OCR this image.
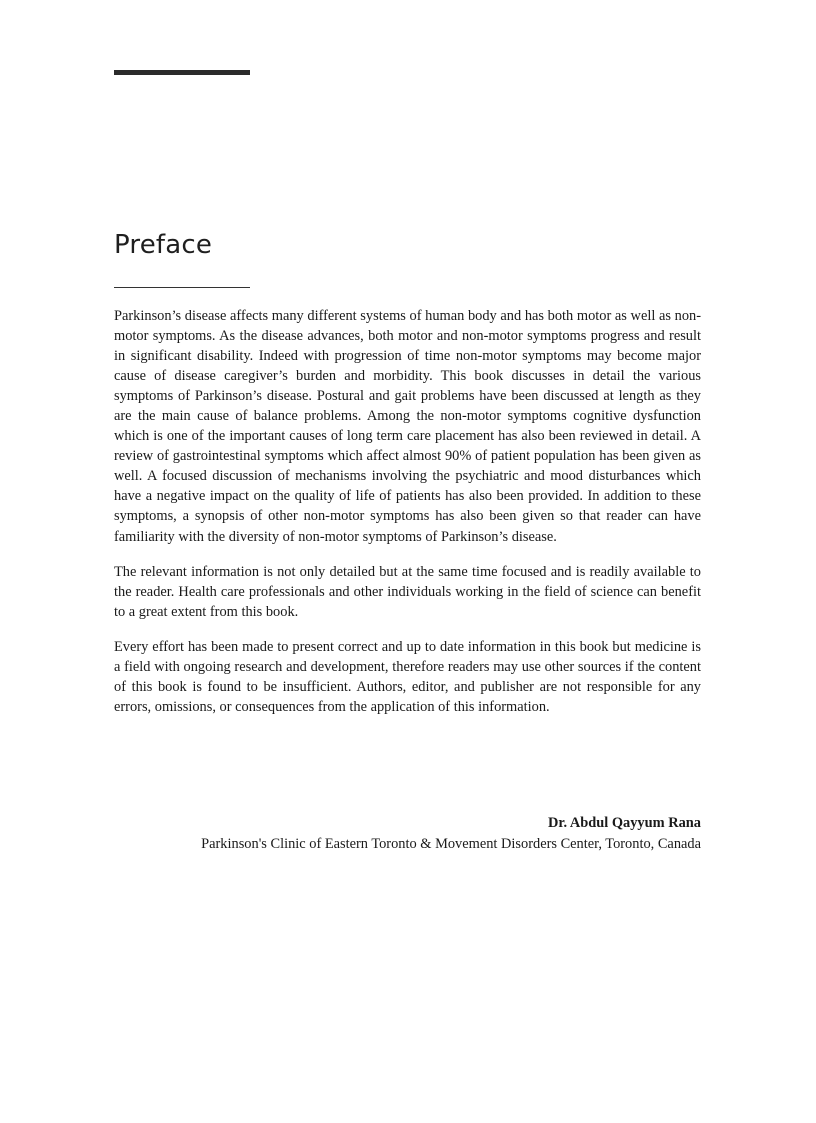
Preface

Parkinson’s disease affects many different systems of human body and has both motor as well as non-motor symptoms. As the disease advances, both motor and non-motor symptoms progress and result in significant disability. Indeed with progression of time non-motor symptoms may become major cause of disease caregiver’s burden and morbidity. This book discusses in detail the various symptoms of Parkinson’s disease. Postural and gait problems have been discussed at length as they are the main cause of balance problems. Among the non-motor symptoms cognitive dysfunction which is one of the important causes of long term care placement has also been reviewed in detail. A review of gastrointestinal symptoms which affect almost 90% of patient population has been given as well. A focused discussion of mechanisms involving the psychiatric and mood disturbances which have a negative impact on the quality of life of patients has also been provided. In addition to these symptoms, a synopsis of other non-motor symptoms has also been given so that reader can have familiarity with the diversity of non-motor symptoms of Parkinson’s disease.

The relevant information is not only detailed but at the same time focused and is readily available to the reader. Health care professionals and other individuals working in the field of science can benefit to a great extent from this book.

Every effort has been made to present correct and up to date information in this book but medicine is a field with ongoing research and development, therefore readers may use other sources if the content of this book is found to be insufficient. Authors, editor, and publisher are not responsible for any errors, omissions, or consequences from the application of this information.

Dr. Abdul Qayyum Rana
Parkinson's Clinic of Eastern Toronto & Movement Disorders Center, Toronto, Canada
